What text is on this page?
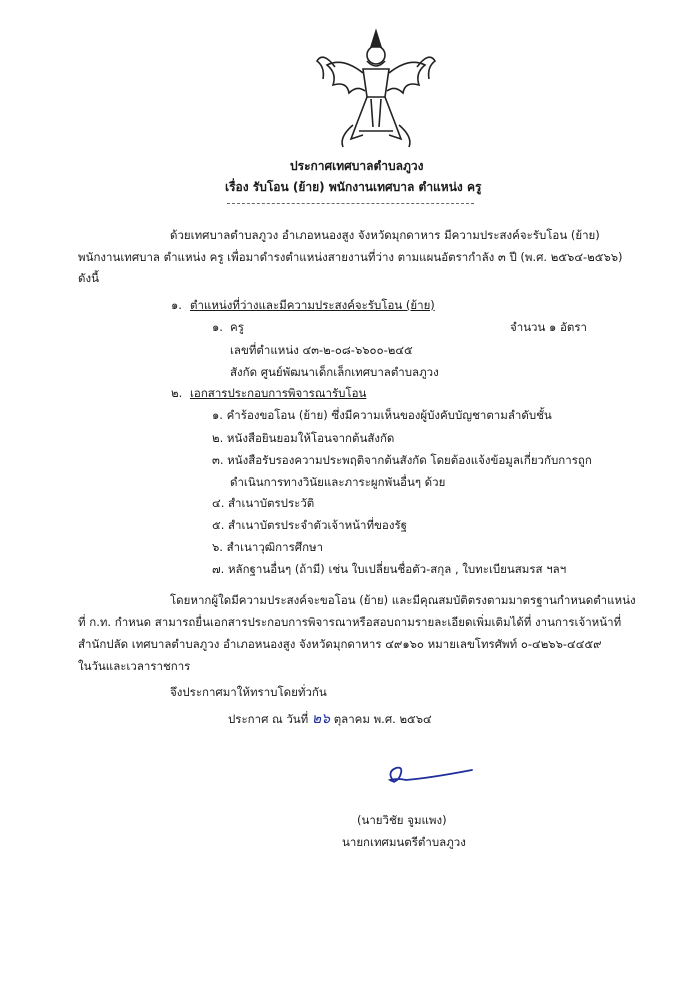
ประกาศเทศบาลตำบลภูวง
เรื่อง รับโอน (ย้าย) พนักงานเทศบาล ตำแหน่ง ครู
ด้วยเทศบาลตำบลภูวง อำเภอหนองสูง จังหวัดมุกดาหาร มีความประสงค์จะรับโอน (ย้าย)
พนักงานเทศบาล ตำแหน่ง ครู เพื่อมาดำรงตำแหน่งสายงานที่ว่าง ตามแผนอัตรากำลัง ๓ ปี (พ.ศ. ๒๕๖๔-๒๕๖๖)
ดังนี้
๑. ตำแหน่งที่ว่างและมีความประสงค์จะรับโอน (ย้าย)
๑. ครู	จำนวน ๑ อัตรา
เลขที่ตำแหน่ง ๔๓-๒-๐๘-๖๖๐๐-๒๔๕
สังกัด ศูนย์พัฒนาเด็กเล็กเทศบาลตำบลภูวง
๒. เอกสารประกอบการพิจารณารับโอน
๑. คำร้องขอโอน (ย้าย) ซึ่งมีความเห็นของผู้บังคับบัญชาตามลำดับชั้น
๒. หนังสือยินยอมให้โอนจากต้นสังกัด
๓. หนังสือรับรองความประพฤติจากต้นสังกัด โดยต้องแจ้งข้อมูลเกี่ยวกับการถูก
ดำเนินการทางวินัยและภาระผูกพันอื่นๆ ด้วย
๔. สำเนาบัตรประวัติ
๕. สำเนาบัตรประจำตัวเจ้าหน้าที่ของรัฐ
๖. สำเนาวุฒิการศึกษา
๗. หลักฐานอื่นๆ (ถ้ามี) เช่น ใบเปลี่ยนชื่อตัว-สกุล , ใบทะเบียนสมรส ฯลฯ
โดยหากผู้ใดมีความประสงค์จะขอโอน (ย้าย) และมีคุณสมบัติตรงตามมาตรฐานกำหนดตำแหน่ง
ที่ ก.ท. กำหนด สามารถยื่นเอกสารประกอบการพิจารณาหรือสอบถามรายละเอียดเพิ่มเติมได้ที่ งานการเจ้าหน้าที่
สำนักปลัด เทศบาลตำบลภูวง อำเภอหนองสูง จังหวัดมุกดาหาร ๔๙๑๖๐ หมายเลขโทรศัพท์ ๐-๔๒๖๖-๔๔๕๙
ในวันและเวลาราชการ
จึงประกาศมาให้ทราบโดยทั่วกัน
ประกาศ ณ วันที่ ๒๖ ตุลาคม พ.ศ. ๒๕๖๔
(นายวิชัย จูมแพง)
นายกเทศมนตรีตำบลภูวง
